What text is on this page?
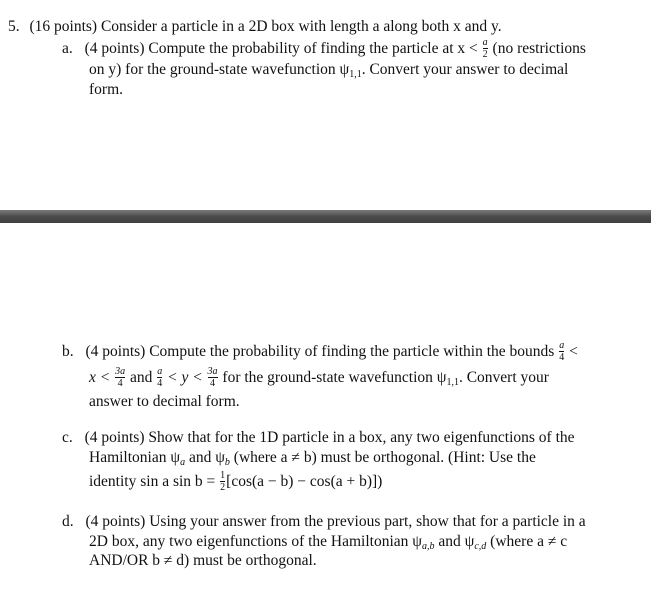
5. (16 points) Consider a particle in a 2D box with length a along both x and y.
a. (4 points) Compute the probability of finding the particle at $x < \frac{a}{2} (no$ restrictions
on y) for the ground-state wavefunction $\psi_{1,1}$. Convert your answer to decimal
form.
b. (4 points) Compute the probability of finding the particle within the bounds $\frac{a}{4}$ <
$x < \frac{3a}{4}$ and $\frac{a}{4} < y < \frac{3a}{4}$ for the ground-state wavefunction $\psi_{1,1}$. Convert your
answer to decimal form.
c. (4 points) Show that for the 1D particle in a box, any two eigenfunctions of the
Hamiltonian ψa and ψb (where a ≠ b) must be orthogonal. (Hint: Use the
identity sin a $\sin b = \frac{1}{2} [\cos(a - b) - \cos(a + b)]$)
d. (4 points) Using your answer from the previous part, show that for a particle in a
2D box, any two eigenfunctions of the Hamiltonian ψa,b and ψc,d (where a ≠ c
AND/OR b ≠ d) must be orthogonal.
